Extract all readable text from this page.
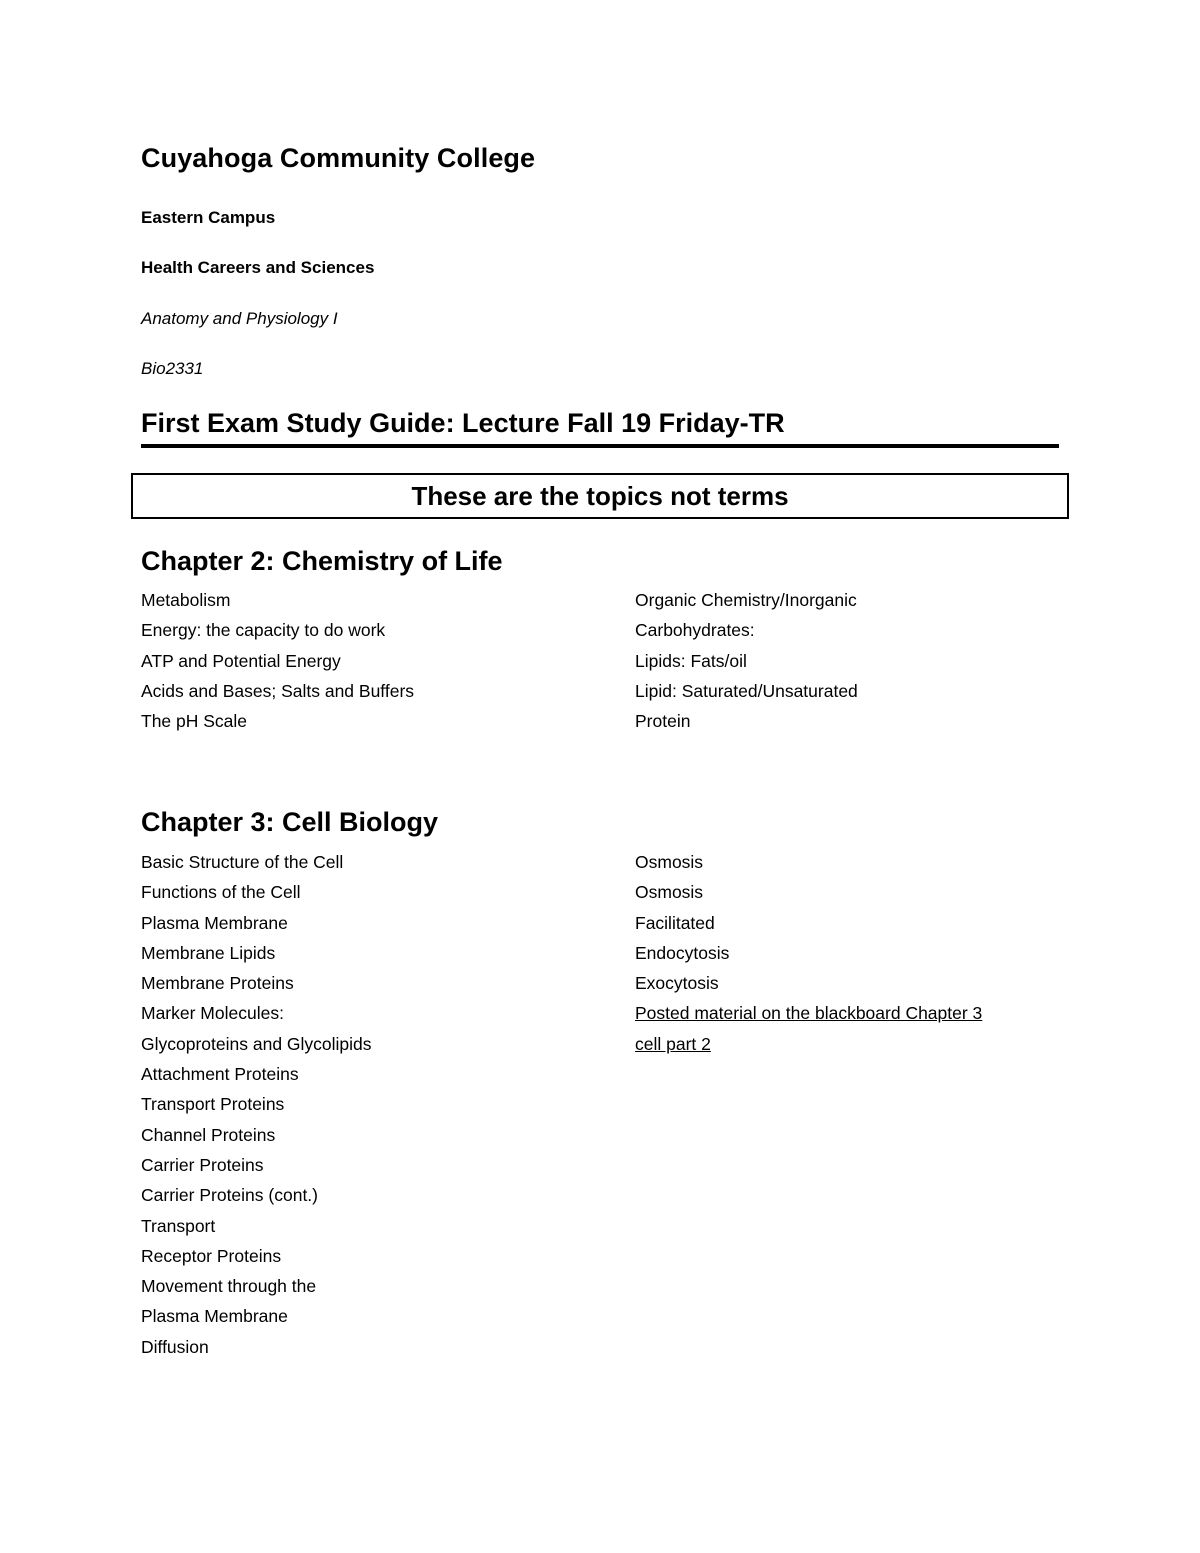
Cuyahoga Community College
Eastern Campus
Health Careers and Sciences
Anatomy and Physiology I
Bio2331
First Exam Study Guide: Lecture Fall 19 Friday-TR
These are the topics not terms
Chapter 2: Chemistry of Life
Metabolism
Energy: the capacity to do work
ATP and Potential Energy
Acids and Bases; Salts and Buffers
The pH Scale
Organic Chemistry/Inorganic
Carbohydrates:
Lipids: Fats/oil
Lipid: Saturated/Unsaturated
Protein
Chapter 3: Cell Biology
Basic Structure of the Cell
Functions of the Cell
Plasma Membrane
Membrane Lipids
Membrane Proteins
Marker Molecules:
Glycoproteins and Glycolipids
Attachment Proteins
Transport Proteins
Channel Proteins
Carrier Proteins
Carrier Proteins (cont.)
Transport
Receptor Proteins
Movement through the
Plasma Membrane
Diffusion
Osmosis
Osmosis
Facilitated
Endocytosis
Exocytosis
Posted material on the blackboard Chapter 3
cell part 2
